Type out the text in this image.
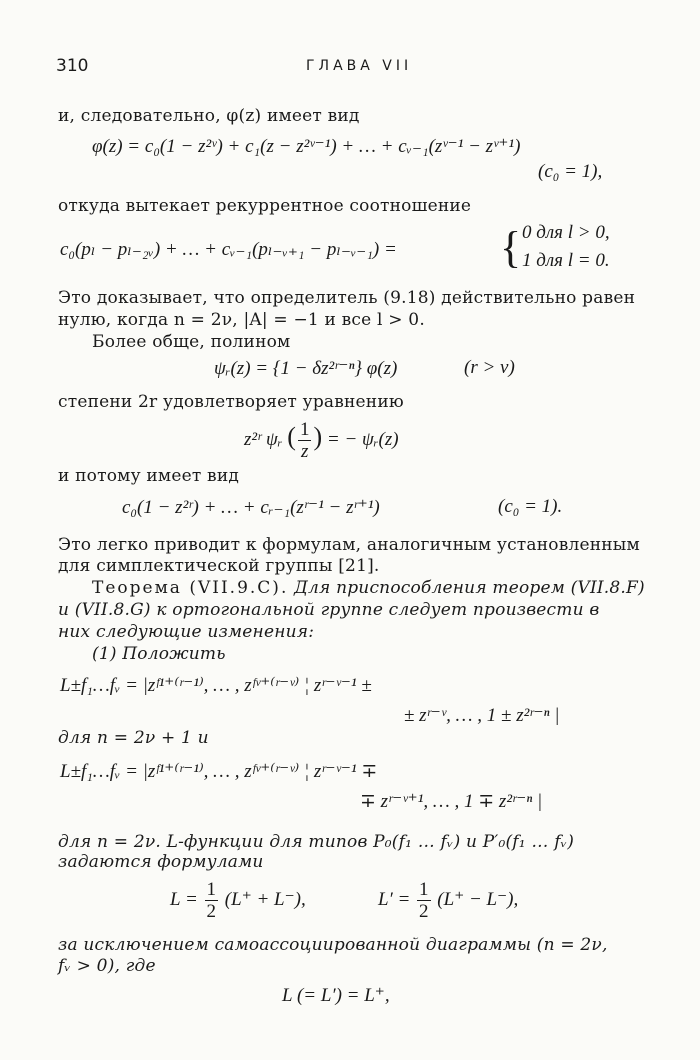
310	ГЛАВА VII
и, следовательно, φ(z) имеет вид
φ(z) = c₀(1 − z²ᵛ) + c₁(z − z²ᵛ⁻¹) + … + cᵥ₋₁(zᵛ⁻¹ − zᵛ⁺¹)
(c₀ = 1),
откуда вытекает рекуррентное соотношение
c₀(pₗ − pₗ₋₂ᵥ) + … + cᵥ₋₁(pₗ₋ᵥ₊₁ − pₗ₋ᵥ₋₁) = { 0 для l > 0,
1 для l = 0.
Это доказывает, что определитель (9.18) действительно равен
нулю, когда n = 2ν, |A| = −1 и все l > 0.
Более обще, полином
ψᵣ(z) = {1 − δz²ʳ⁻ⁿ} φ(z)	(r > ν)
степени 2r удовлетворяет уравнению
z²ʳ ψᵣ ( $\frac{1}{z}$ ) = − ψᵣ(z)
и потому имеет вид
c₀(1 − z²ʳ) + … + cᵣ₋₁(zʳ⁻¹ − zʳ⁺¹)	(c₀ = 1).
Это легко приводит к формулам, аналогичным установленным
для симплектической группы [21].
Теорема (VII.9.C). Для приспособления теорем (VII.8.F)
и (VII.8.G) к ортогональной группе следует произвести в
них следующие изменения:
(1) Положить
L±f₁…fᵥ = |zᶠ¹⁺⁽ʳ⁻¹⁾, … , zᶠᵛ⁺⁽ʳ⁻ᵛ⁾ ¦ zʳ⁻ᵛ⁻¹ ±
± zʳ⁻ᵛ, … , 1 ± z²ʳ⁻ⁿ |
для n = 2ν + 1 и
L±f₁…fᵥ = |zᶠ¹⁺⁽ʳ⁻¹⁾, … , zᶠᵛ⁺⁽ʳ⁻ᵛ⁾ ¦ zʳ⁻ᵛ⁻¹ ∓
∓ zʳ⁻ᵛ⁺¹, … , 1 ∓ z²ʳ⁻ⁿ |
для n = 2ν. L-функции для типов P₀(f₁ … fᵥ) и P′₀(f₁ … fᵥ)
задаются формулами
$L = \frac{1}{2} (L^+ + L^-)$,	$L' = \frac{1}{2} (L^+ - L^-)$,
за исключением самоассоциированной диаграммы (n = 2ν,
fᵥ > 0), где
L (= L′) = L⁺,
